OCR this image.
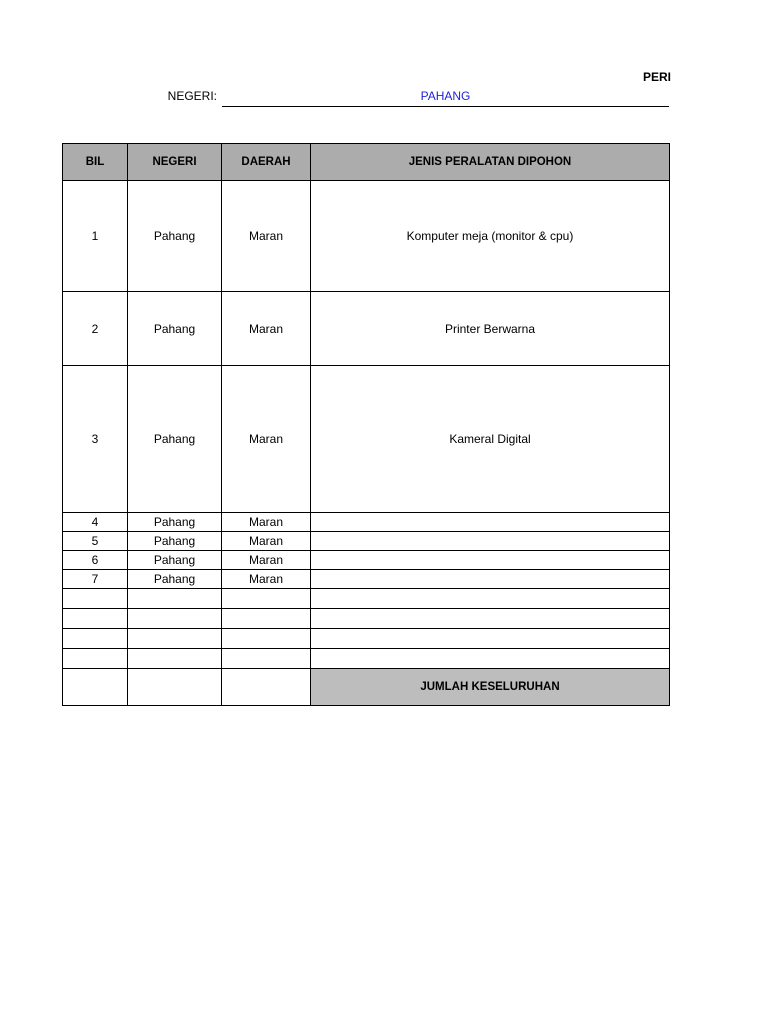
PERI
NEGERI:	PAHANG
BIL	NEGERI	DAERAH	JENIS PERALATAN DIPOHON
1	Pahang	Maran	Komputer meja (monitor & cpu)
2	Pahang	Maran	Printer Berwarna
3	Pahang	Maran	Kameral Digital
4	Pahang	Maran	
5	Pahang	Maran	
6	Pahang	Maran	
7	Pahang	Maran	

			JUMLAH KESELURUHAN
